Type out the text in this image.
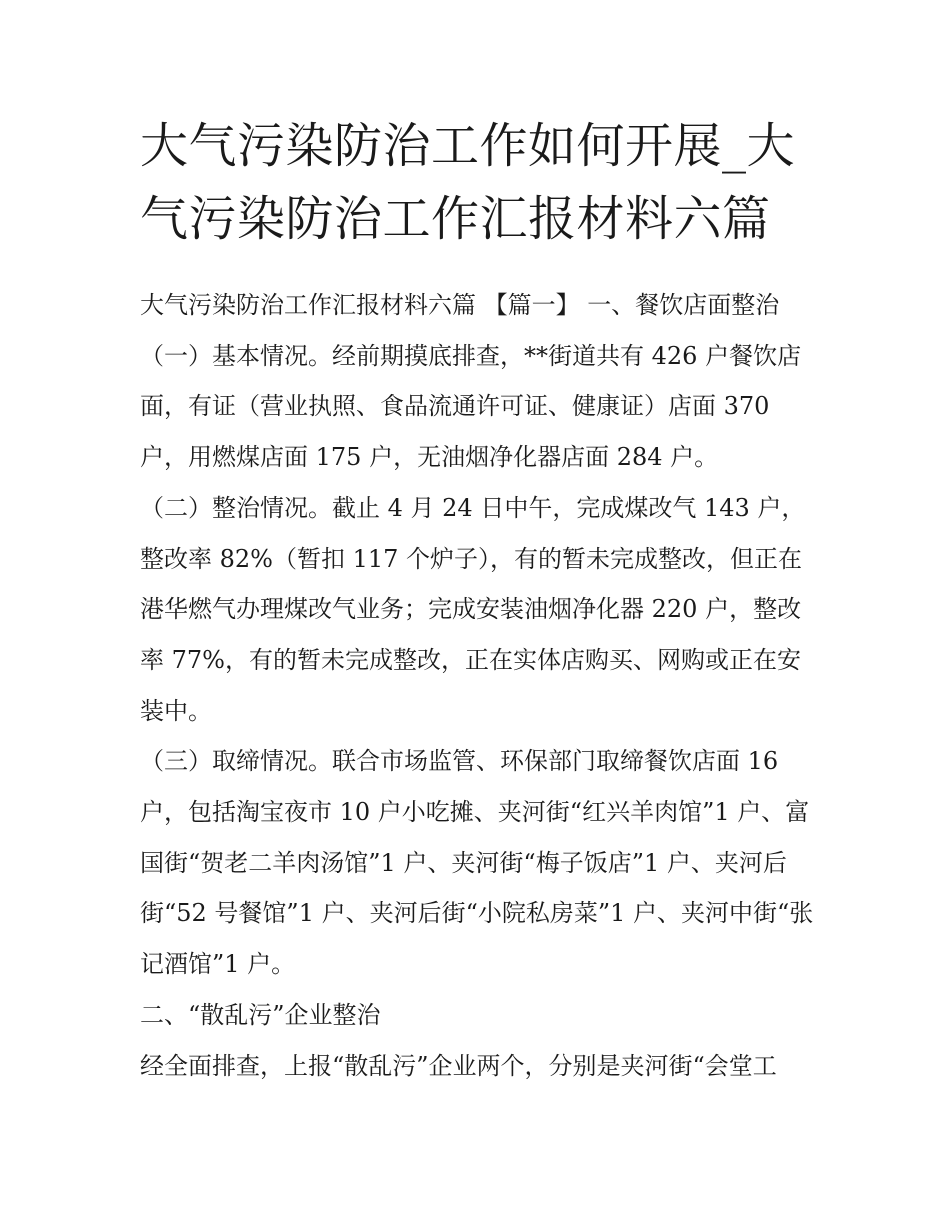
大气污染防治工作如何开展_大气污染防治工作汇报材料六篇

大气污染防治工作汇报材料六篇 【篇一】 一、餐饮店面整治

（一）基本情况。经前期摸底排查，**街道共有 426 户餐饮店面，有证（营业执照、食品流通许可证、健康证）店面 370 户，用燃煤店面 175 户，无油烟净化器店面 284 户。

（二）整治情况。截止 4 月 24 日中午，完成煤改气 143 户，整改率 82%（暂扣 117 个炉子），有的暂未完成整改，但正在港华燃气办理煤改气业务；完成安装油烟净化器 220 户，整改率 77%，有的暂未完成整改，正在实体店购买、网购或正在安装中。

（三）取缔情况。联合市场监管、环保部门取缔餐饮店面 16 户，包括淘宝夜市 10 户小吃摊、夹河街“红兴羊肉馆”1 户、富国街“贺老二羊肉汤馆”1 户、夹河街“梅子饭店”1 户、夹河后街“52 号餐馆”1 户、夹河后街“小院私房菜”1 户、夹河中街“张记酒馆”1 户。

二、“散乱污”企业整治

经全面排查，上报“散乱污”企业两个，分别是夹河街“会堂工
